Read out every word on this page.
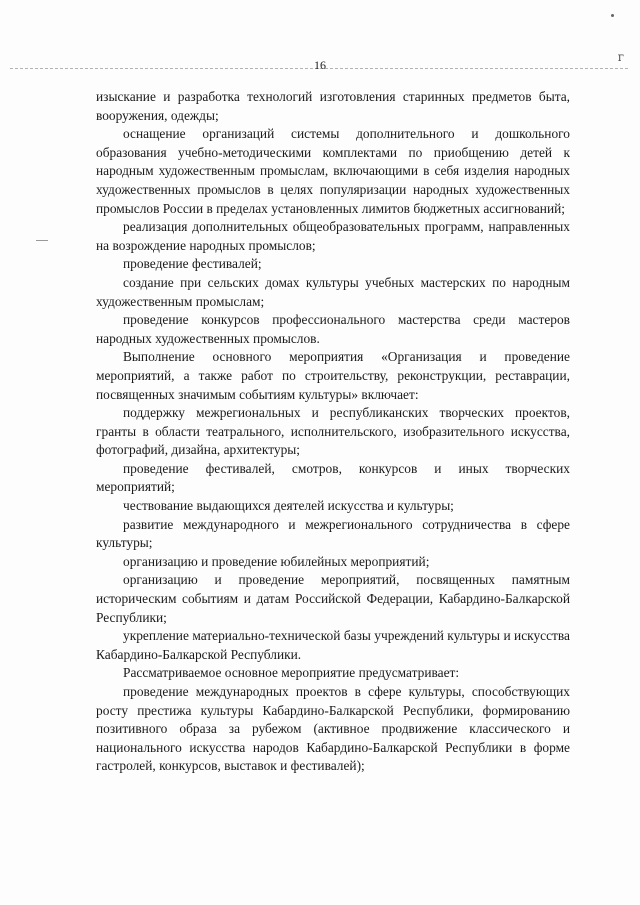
г
16

изыскание и разработка технологий изготовления старинных предметов быта, вооружения, одежды;

оснащение организаций системы дополнительного и дошкольного образования учебно-методическими комплектами по приобщению детей к народным художественным промыслам, включающими в себя изделия народных художественных промыслов в целях популяризации народных художественных промыслов России в пределах установленных лимитов бюджетных ассигнований;

реализация дополнительных общеобразовательных программ, направленных на возрождение народных промыслов;

проведение фестивалей;

создание при сельских домах культуры учебных мастерских по народным художественным промыслам;

проведение конкурсов профессионального мастерства среди мастеров народных художественных промыслов.

Выполнение основного мероприятия «Организация и проведение мероприятий, а также работ по строительству, реконструкции, реставрации, посвященных значимым событиям культуры» включает:

поддержку межрегиональных и республиканских творческих проектов, гранты в области театрального, исполнительского, изобразительного искусства, фотографий, дизайна, архитектуры;

проведение фестивалей, смотров, конкурсов и иных творческих мероприятий;

чествование выдающихся деятелей искусства и культуры;

развитие международного и межрегионального сотрудничества в сфере культуры;

организацию и проведение юбилейных мероприятий;

организацию и проведение мероприятий, посвященных памятным историческим событиям и датам Российской Федерации, Кабардино-Балкарской Республики;

укрепление материально-технической базы учреждений культуры и искусства Кабардино-Балкарской Республики.

Рассматриваемое основное мероприятие предусматривает:

проведение международных проектов в сфере культуры, способствующих росту престижа культуры Кабардино-Балкарской Республики, формированию позитивного образа за рубежом (активное продвижение классического и национального искусства народов Кабардино-Балкарской Республики в форме гастролей, конкурсов, выставок и фестивалей);
